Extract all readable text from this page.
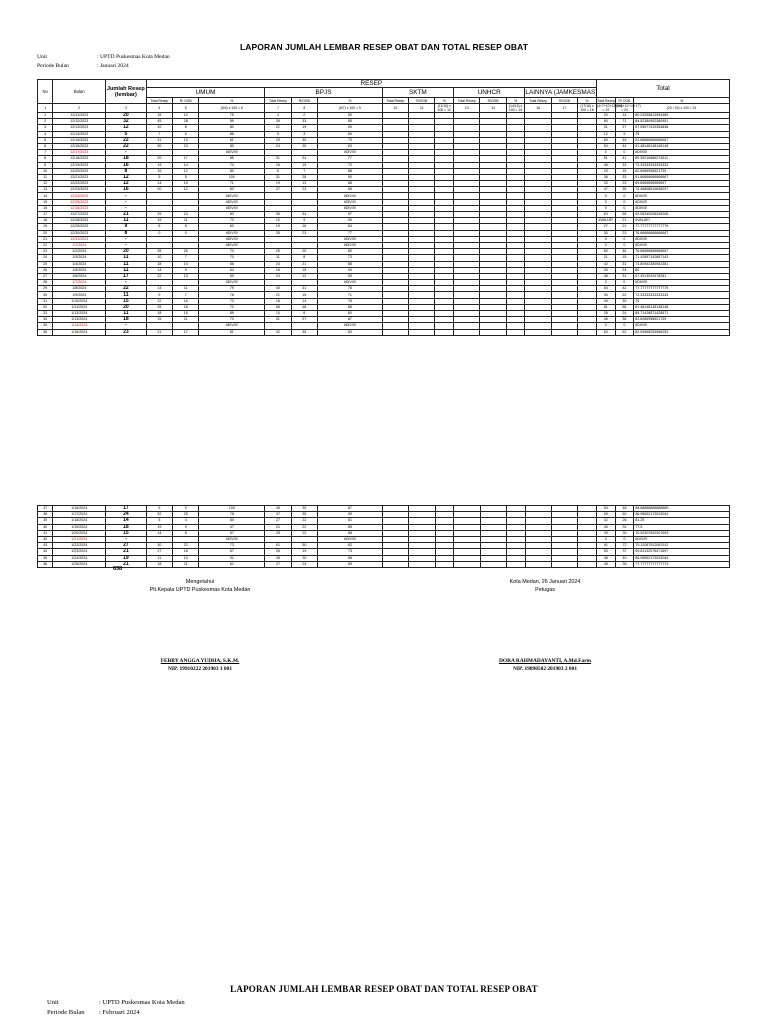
LAPORAN JUMLAH LEMBAR RESEP OBAT DAN TOTAL RESEP OBAT
Unit	: UPTD Puskesmas Kota Medan
Periode Bulan	: Januari 2024
No	Bulan	Jumlah Resep (lembar)	RESEP															Total		
			UMUM			BPJS			SKTM			UNHCR			LAINNYA (JAMKESMAS)					
			Total Resep	R/ OGB	%	Total Resep	R/OGB	%	Total Resep	R/OGB	%	Total Resep	R/OGB	%	Total Resep	R/OGB	%	Total Resep	R/ OGB	%
1	2	3	4	5	(5/4) x 100 = 6	7	8	(8/7) x 100 = 9	10	11	(11/10) x 100 = 12	13	14	(14/13) x 100 = 15	16	17	(17/16) x 100 = 18	(4+7+10+13+16) = 19	(5+8+11+14+17) = 20	(20 / 19) x 100 = 21
1	12/11/2023	20	16	12	75	4	2	50										20	14	80.23255813953489
2	12/12/2023	32	45	28	59	39	33	85										84	71	84.52380952380951
3	12/13/2023	12	10	8	80	21	19	90										31	27	87.09677419354838
4	12/14/2023	5	7	6	86	5	3	60										12	9	75
5	12/15/2023	22	31	19	61	29	30	73										60	49	81.66666666666667
6	12/16/2023	22	30	24	80	24	20	83										54	44	81.48148148148148
7	12/17/2023	-			#DIV/0!			#DIV/0!										0	0	#DIV/0!
8	12/18/2023	18	20	17	85	31	24	77										51	41	80.39215686274511
9	12/19/2023	16	19	14	74	26	19	73										45	33	73.33333333333333
10	12/20/2023	8	15	12	80	8	7	88										23	19	82.6086956521739
11	12/21/2023	12	5	5	100	31	28	90										36	33	91.66666666666667
12	12/22/2023	12	14	10	71	19	13	68										33	23	69.6969696969697
13	12/23/2023	16	20	12	60	27	23	85										47	35	74.46808510638297
14	12/24/2023	-			#DIV/0!			#DIV/0!										0	0	#DIV/0!
15	12/25/2023	-			#DIV/0!			#DIV/0!										0	0	#DIV/0!
16	12/26/2023	-			#DIV/0!			#DIV/0!										0	0	#DIV/0!
17	12/27/2023	21	29	24	83	35	34	97										63	58	92.06349206349206
18	12/28/2023	11	15	11	73	10	9	90										#VALUE!	21	#VALUE!
19	12/29/2023	9	8	5	63	19	16	84										27	21	77.77777777777779
20	12/30/2023	8	0	0	#DIV/0!	30	23	77										30	23	76.66666666666667
21	12/31/2023	-			#DIV/0!			#DIV/0!										0	0	#DIV/0!
22	1/1/2024	-			#DIV/0!			#DIV/0!										0	0	#DIV/0!
23	1/2/2024	20	35	26	74	25	20	80										60	46	76.66666666666667
24	1/3/2024	11	10	7	70	11	8	73										21	15	71.42857142857143
25	1/4/2024	11	18	10	56	24	21	88										42	31	73.80952380952381
26	1/5/2024	11	14	9	64	16	15	94										30	24	80
27	1/6/2024	17	22	13	59	24	12	50										46	31	67.3913043478261
28	1/7/2024	-			#DIV/0!			#DIV/0!										0	0	#DIV/0!
29	1/8/2024	22	14	11	79	40	31	78										54	42	77.77777777777779
30	1/9/2024	11	9	7	78	21	15	71										30	22	73.33333333333333
31	1/10/2024	15	22	16	73	18	14	78										40	30	75
32	1/11/2024	20	25	18	72	56	48	86										81	66	81.48148148148148
33	1/12/2024	11	18	16	89	10	8	80										28	24	85.71428571428571
34	1/13/2024	18	15	11	73	31	27	87										46	38	82.6086956521739
35	1/14/2024	-			#DIV/0!			#DIV/0!										0	0	#DIV/0!
36	1/15/2024	23	21	17	81	42	35	83										63	52	82.53968253968253
37	1/16/2024	17	9	9	100	45	39	87										54	48	88.88888888888889
38	1/17/2024	24	32	25	78	37	35	95										69	60	86.95652173913044
39	1/18/2024	14	5	4	80	27	22	81										32	26	81.25
40	1/19/2024	18	19	9	47	21	22	85										40	31	77.5
41	1/20/2024	15	14	8	57	25	22	88										39	30	76.92307692307693
42	1/21/2024	-			#DIV/0!			#DIV/0!										0	0	#DIV/0!
43	1/22/2024	27	30	22	73	61	50	82										91	72	79.12087912087912
44	1/23/2024	21	27	18	67	26	19	73										53	37	69.81132075471697
45	1/24/2024	19	11	10	91	35	30	86										46	40	86.95652173913044
46	1/25/2024	21	18	11	61	27	24	89										45	35	77.77777777777779
638
Mengetahui
Plt.Kepala UPTD Puskesmas Kota Medan
Kota Medan, 26 Januari 2024
Petugas
FEBBY ANGGA YUDHA, S.K.M.
NIP. 19910222 201903 1 001
DORA RAHMADAYANTI, A.Md.Farm
NIP. 19890502 201903 2 001
LAPORAN JUMLAH LEMBAR RESEP OBAT DAN TOTAL RESEP OBAT
Unit	: UPTD Puskesmas Kota Medan
Periode Bulan : Februari 2024
